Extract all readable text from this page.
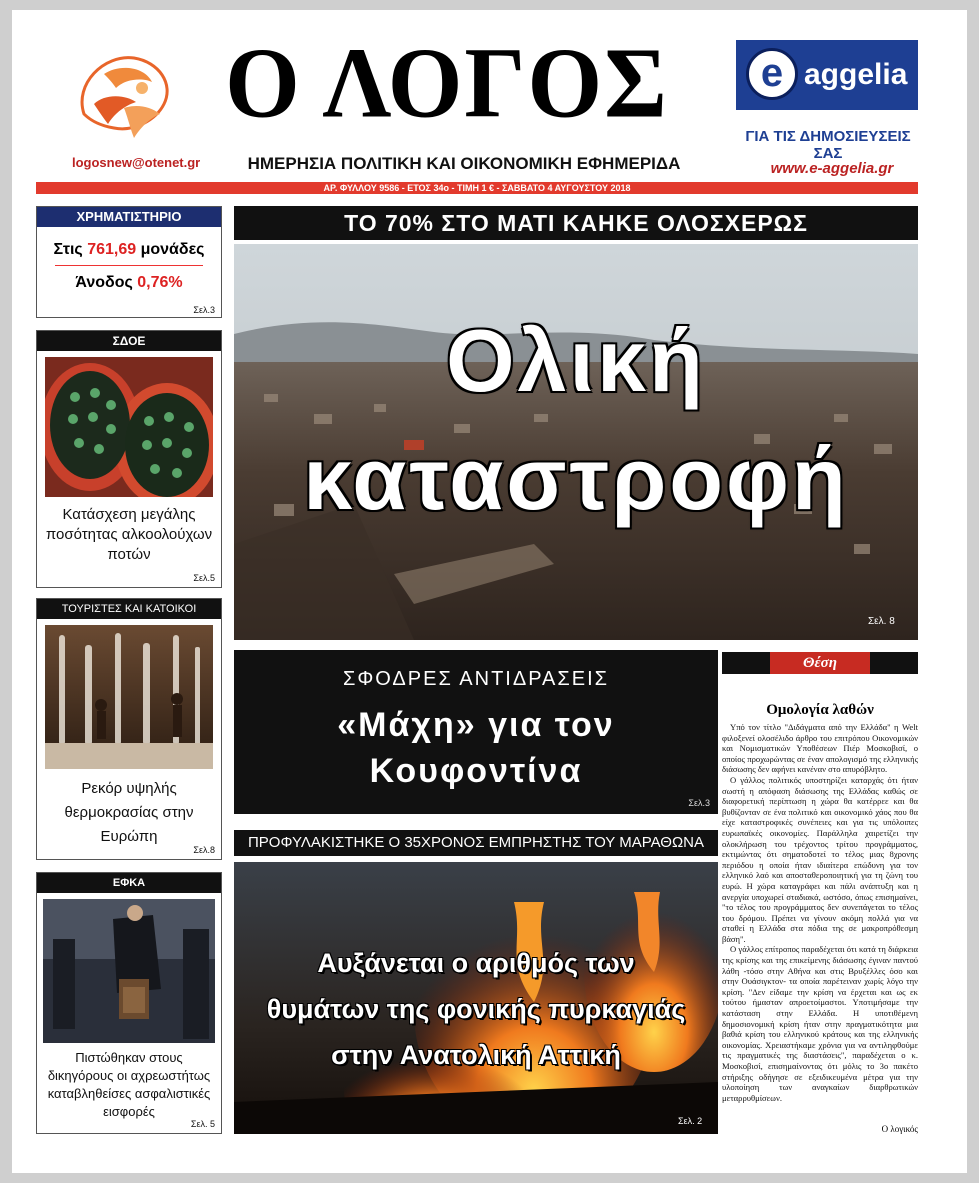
logosnew@otenet.gr
Ο ΛΟΓΟΣ
ΗΜΕΡΗΣΙΑ ΠΟΛΙΤΙΚΗ ΚΑΙ ΟΙΚΟΝΟΜΙΚΗ ΕΦΗΜΕΡΙΔΑ
e aggelia
ΓΙΑ ΤΙΣ ΔΗΜΟΣΙΕΥΣΕΙΣ ΣΑΣ
www.e-aggelia.gr
ΑΡ. ΦΥΛΛΟΥ 9586 - ΕΤΟΣ 34ο - ΤΙΜΗ 1 € - ΣΑΒΒΑΤΟ 4 ΑΥΓΟΥΣΤΟΥ 2018
ΧΡΗΜΑΤΙΣΤΗΡΙΟ
Στις 761,69 μονάδες
Άνοδος 0,76%
Σελ.3
ΣΔΟΕ
Κατάσχεση μεγάλης ποσότητας αλκοολούχων ποτών
Σελ.5
ΤΟΥΡΙΣΤΕΣ ΚΑΙ ΚΑΤΟΙΚΟΙ
Ρεκόρ υψηλής θερμοκρασίας στην Ευρώπη
Σελ.8
ΕΦΚΑ
Πιστώθηκαν στους δικηγόρους οι αχρεωστήτως καταβληθείσες ασφαλιστικές εισφορές
Σελ. 5
ΤΟ 70% ΣΤΟ ΜΑΤΙ ΚΑΗΚΕ ΟΛΟΣΧΕΡΩΣ
Ολική
καταστροφή
Σελ. 8
ΣΦΟΔΡΕΣ ΑΝΤΙΔΡΑΣΕΙΣ
«Μάχη» για τον
Κουφοντίνα
Σελ.3
ΠΡΟΦΥΛΑΚΙΣΤΗΚΕ Ο 35ΧΡΟΝΟΣ ΕΜΠΡΗΣΤΗΣ ΤΟΥ ΜΑΡΑΘΩΝΑ
Αυξάνεται ο αριθμός των
θυμάτων της φονικής πυρκαγιάς
στην Ανατολική Αττική
Σελ. 2
Θέση
Ομολογία λαθών

Υπό τον τίτλο "Διδάγματα από την Ελλάδα" η Welt φιλοξενεί ολοσέλιδο άρθρο του επιτρόπου Οικονομικών και Νομισματικών Υποθέσεων Πιέρ Μοσκοβισί, ο οποίος προχωρώντας σε έναν απολογισμό της ελληνικής διάσωσης δεν αφήνει κανέναν στο απυρόβλητο.

Ο γάλλος πολιτικός υποστηρίζει καταρχάς ότι ήταν σωστή η απόφαση διάσωσης της Ελλάδας καθώς σε διαφορετική περίπτωση η χώρα θα κατέρρεε και θα βυθίζονταν σε ένα πολιτικό και οικονομικό χάος που θα είχε καταστροφικές συνέπειες και για τις υπόλοιπες ευρωπαϊκές οικονομίες. Παράλληλα χαιρετίζει την ολοκλήρωση του τρέχοντος τρίτου προγράμματος, εκτιμώντας ότι σηματοδοτεί το τέλος μιας 8χρονης περιόδου η οποία ήταν ιδιαίτερα επώδυνη για τον ελληνικό λαό και αποσταθεροποιητική για τη ζώνη του ευρώ. Η χώρα καταγράφει και πάλι ανάπτυξη και η ανεργία υποχωρεί σταδιακά, ωστόσο, όπως επισημαίνει, "το τέλος του προγράμματος δεν συνεπάγεται το τέλος του δρόμου. Πρέπει να γίνουν ακόμη πολλά για να σταθεί η Ελλάδα στα πόδια της σε μακροπρόθεσμη βάση".

Ο γάλλος επίτροπος παραδέχεται ότι κατά τη διάρκεια της κρίσης και της επικείμενης διάσωσης έγιναν παντού λάθη -τόσο στην Αθήνα και στις Βρυξέλλες όσο και στην Ουάσιγκτον- τα οποία παρέτειναν χωρίς λόγο την κρίση. "Δεν είδαμε την κρίση να έρχεται και ως εκ τούτου ήμασταν απροετοίμαστοι. Υποτιμήσαμε την κατάσταση στην Ελλάδα. Η υποτιθέμενη δημοσιονομική κρίση ήταν στην πραγματικότητα μια βαθιά κρίση του ελληνικού κράτους και της ελληνικής οικονομίας. Χρειαστήκαμε χρόνια για να αντιληφθούμε τις πραγματικές της διαστάσεις", παραδέχεται ο κ. Μοσκοβισί, επισημαίνοντας ότι μόλις το 3ο πακέτο στήριξης οδήγησε σε εξειδικευμένα μέτρα για την υλοποίηση των αναγκαίων διαρθρωτικών μεταρρυθμίσεων.

Ο λογικός
